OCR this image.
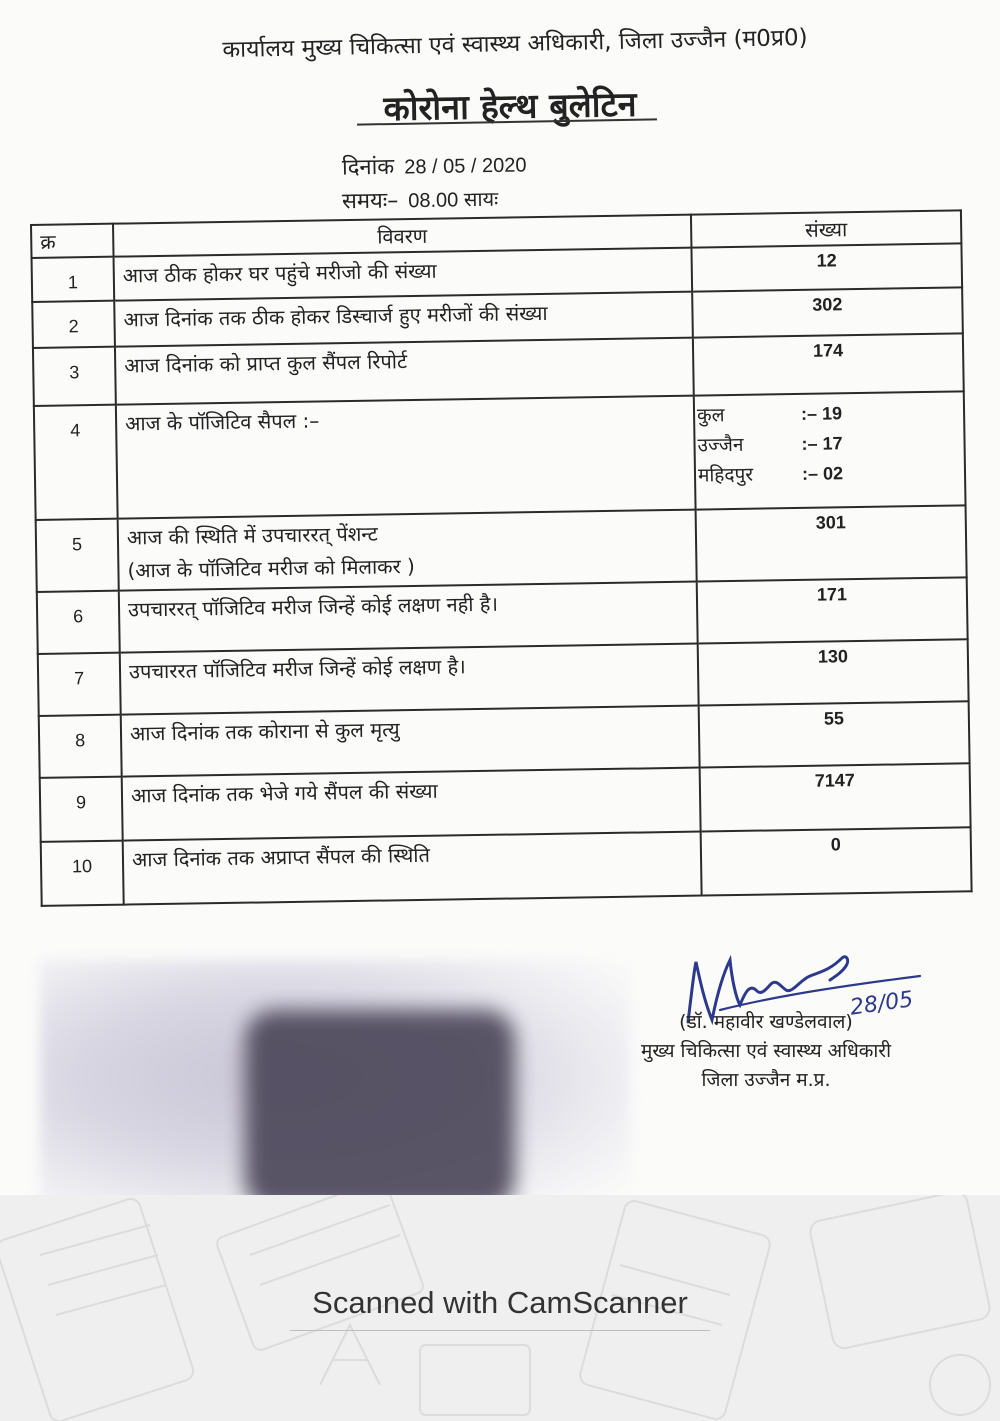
कार्यालय मुख्य चिकित्सा एवं स्वास्थ्य अधिकारी, जिला उज्जैन (म0प्र0)
कोरोना हेल्थ बुलेटिन
दिनांक 28 / 05 / 2020
समयः– 08.00 सायः
क्र	विवरण	संख्या
1	आज ठीक होकर घर पहुंचे मरीजो की संख्या	12
2	आज दिनांक तक ठीक होकर डिस्चार्ज हुए मरीजों की संख्या	302
3	आज दिनांक को प्राप्त कुल सैंपल रिपोर्ट	174
4	आज के पॉजिटिव सैपल :–	कुल :– 19
उज्जैन :– 17
महिदपुर :– 02

5	आज की स्थिति में उपचाररत् पेंशन्ट
(आज के पॉजिटिव मरीज को मिलाकर )	301
6	उपचाररत् पॉजिटिव मरीज जिन्हें कोई लक्षण नही है।	171
7	उपचाररत पॉजिटिव मरीज जिन्हें कोई लक्षण है।	130
8	आज दिनांक तक कोराना से कुल मृत्यु	55
9	आज दिनांक तक भेजे गये सैंपल की संख्या	7147
10	आज दिनांक तक अप्राप्त सैंपल की स्थिति	0
28/05
(डॉ. महावीर खण्डेलवाल)
मुख्य चिकित्सा एवं स्वास्थ्य अधिकारी
जिला उज्जैन म.प्र.
Scanned with CamScanner
